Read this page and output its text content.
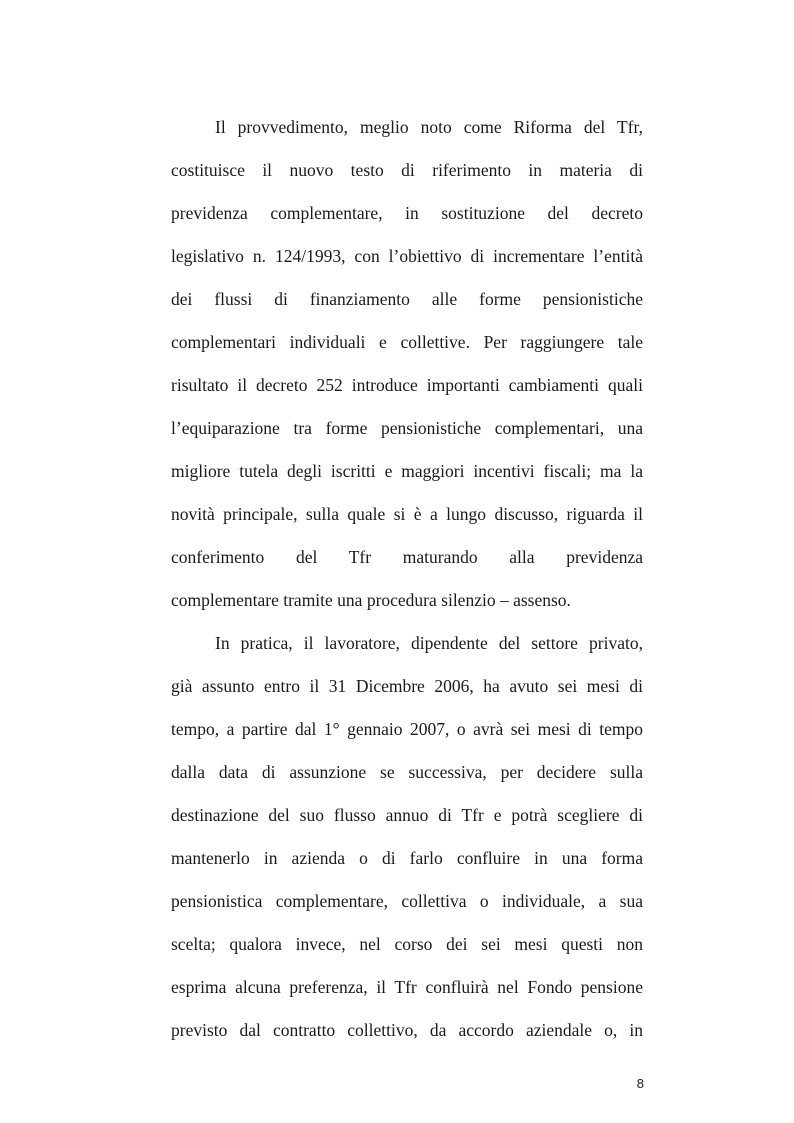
Il provvedimento, meglio noto come Riforma del Tfr,
costituisce il nuovo testo di riferimento in materia di
previdenza complementare, in sostituzione del decreto
legislativo n. 124/1993, con l’obiettivo di incrementare l’entità
dei flussi di finanziamento alle forme pensionistiche
complementari individuali e collettive. Per raggiungere tale
risultato il decreto 252 introduce importanti cambiamenti quali
l’equiparazione tra forme pensionistiche complementari, una
migliore tutela degli iscritti e maggiori incentivi fiscali; ma la
novità principale, sulla quale si è a lungo discusso, riguarda il
conferimento del Tfr maturando alla previdenza
complementare tramite una procedura silenzio – assenso.
In pratica, il lavoratore, dipendente del settore privato,
già assunto entro il 31 Dicembre 2006, ha avuto sei mesi di
tempo, a partire dal 1° gennaio 2007, o avrà sei mesi di tempo
dalla data di assunzione se successiva, per decidere sulla
destinazione del suo flusso annuo di Tfr e potrà scegliere di
mantenerlo in azienda o di farlo confluire in una forma
pensionistica complementare, collettiva o individuale, a sua
scelta; qualora invece, nel corso dei sei mesi questi non
esprima alcuna preferenza, il Tfr confluirà nel Fondo pensione
previsto dal contratto collettivo, da accordo aziendale o, in
8
